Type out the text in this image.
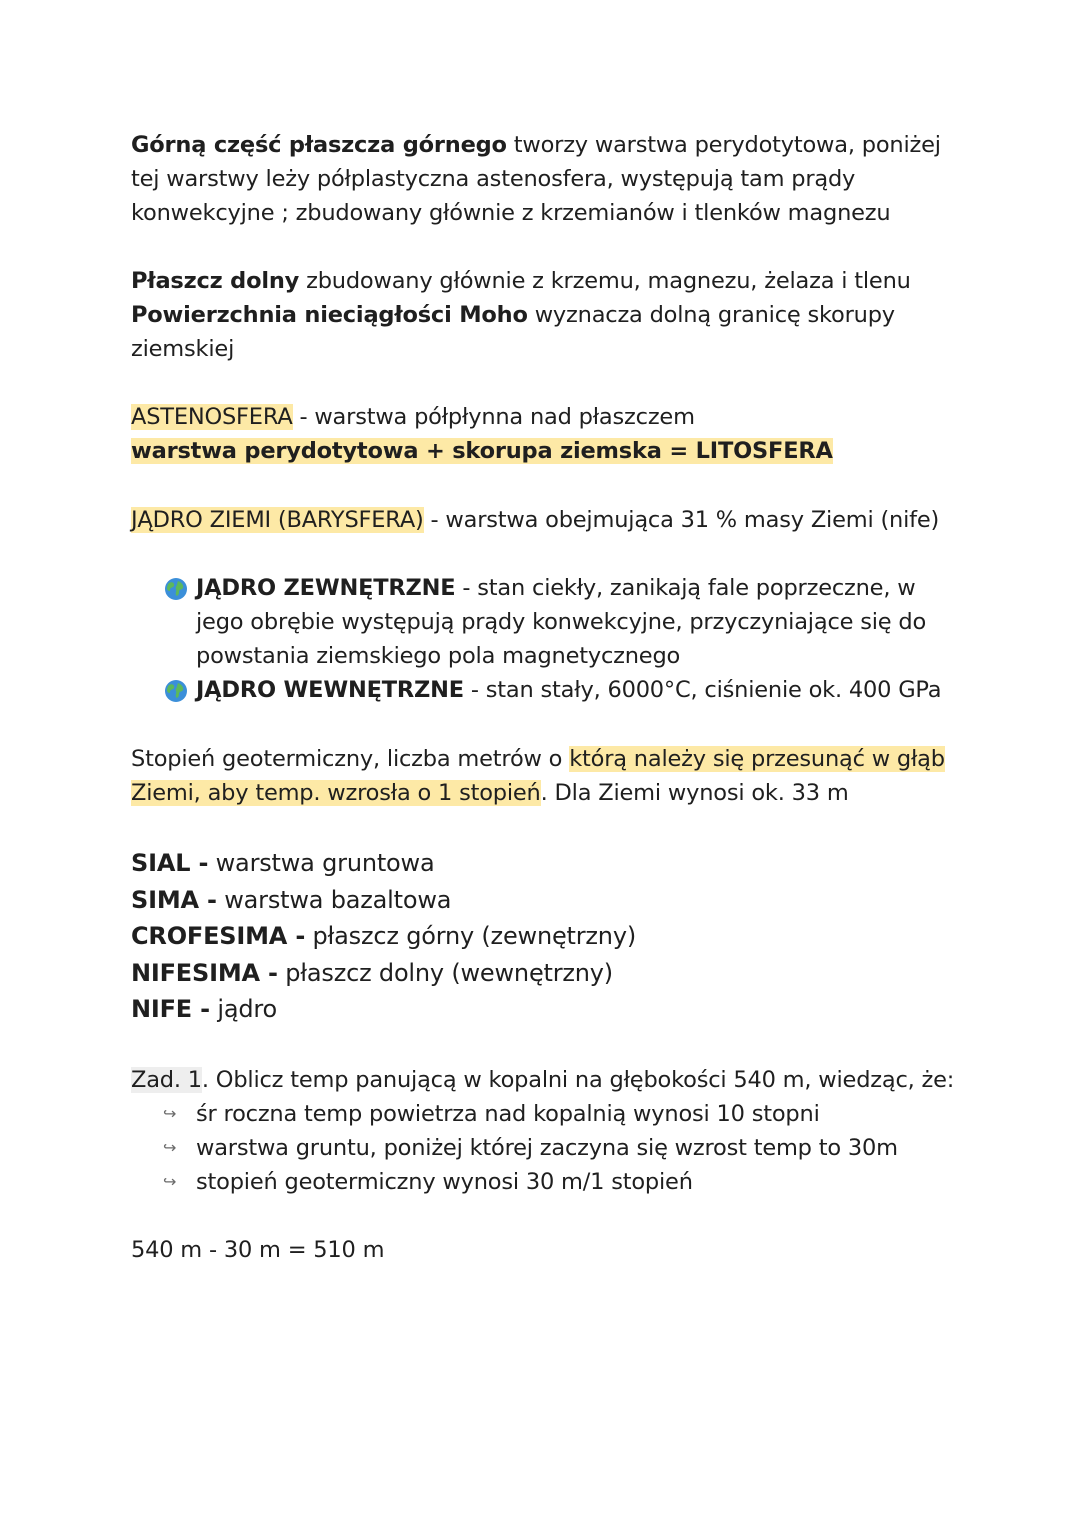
Górną część płaszcza górnego tworzy warstwa perydotytowa, poniżej tej warstwy leży półplastyczna astenosfera, występują tam prądy konwekcyjne ; zbudowany głównie z krzemianów i tlenków magnezu

Płaszcz dolny zbudowany głównie z krzemu, magnezu, żelaza i tlenu

Powierzchnia nieciągłości Moho wyznacza dolną granicę skorupy ziemskiej

ASTENOSFERA - warstwa półpłynna nad płaszczem

warstwa perydotytowa + skorupa ziemska = LITOSFERA

JĄDRO ZIEMI (BARYSFERA) - warstwa obejmująca 31 % masy Ziemi (nife)

JĄDRO ZEWNĘTRZNE - stan ciekły, zanikają fale poprzeczne, w jego obrębie występują prądy konwekcyjne, przyczyniające się do powstania ziemskiego pola magnetycznego
JĄDRO WEWNĘTRZNE - stan stały, 6000°C, ciśnienie ok. 400 GPa

Stopień geotermiczny, liczba metrów o którą należy się przesunąć w głąb Ziemi, aby temp. wzrosła o 1 stopień. Dla Ziemi wynosi ok. 33 m

SIAL - warstwa gruntowa

SIMA - warstwa bazaltowa

CROFESIMA - płaszcz górny (zewnętrzny)

NIFESIMA - płaszcz dolny (wewnętrzny)

NIFE - jądro

Zad. 1. Oblicz temp panującą w kopalni na głębokości 540 m, wiedząc, że:

↪ śr roczna temp powietrza nad kopalnią wynosi 10 stopni
↪ warstwa gruntu, poniżej której zaczyna się wzrost temp to 30m
↪ stopień geotermiczny wynosi 30 m/1 stopień

540 m - 30 m = 510 m
